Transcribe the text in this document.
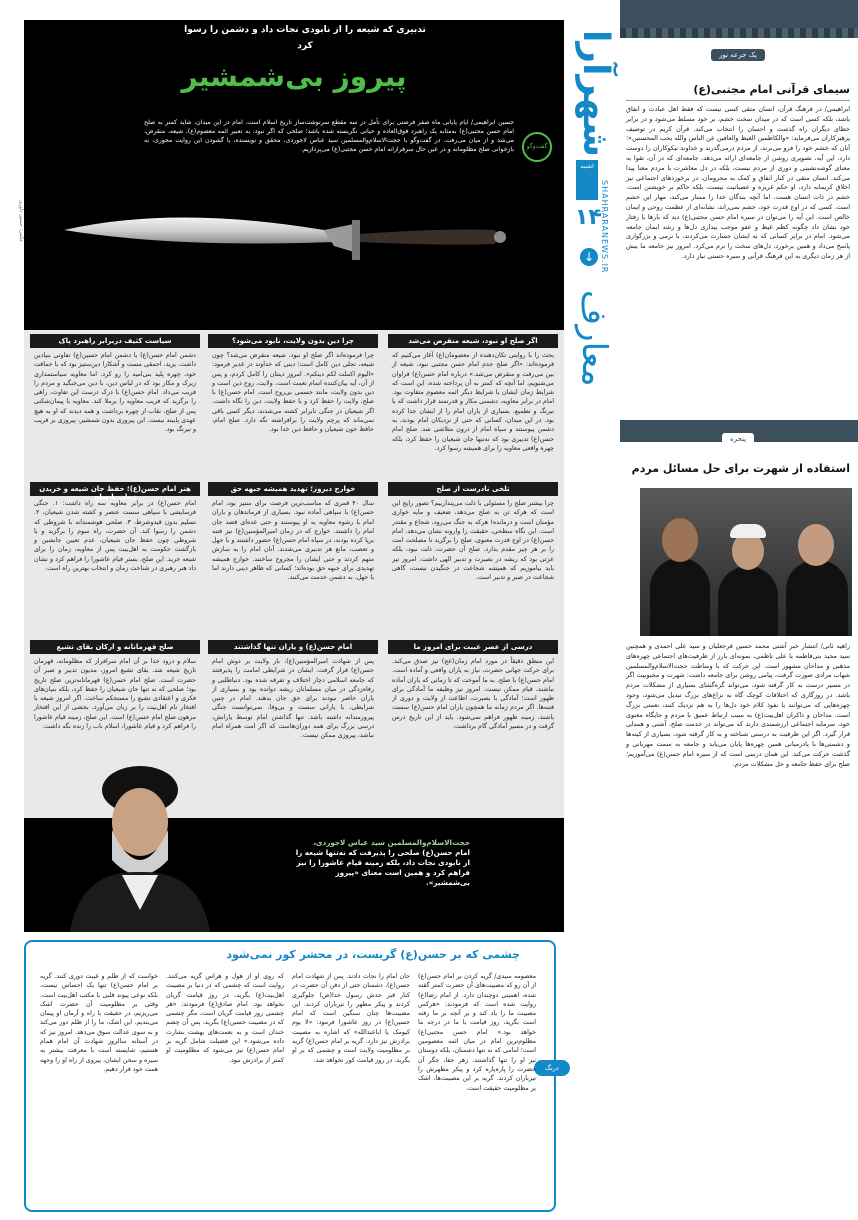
یک جرعه نور
سیمای قرآنی امام مجتبی(ع)
ابراهیمی/ در فرهنگ قرآن، انسان متقی کسی نیست که فقط اهل عبادت و انفاق باشد، بلکه کسی است که در میدان سخت خشم، بر خود مسلط می‌شود و در برابر خطای دیگران راه گذشت و احسان را انتخاب می‌کند. قرآن کریم در توصیف پرهیزکاران می‌فرماید: «والکاظمین الغیظ والعافین عن الناس والله یحب المحسنین»؛ آنان که خشم خود را فرو می‌برند، از مردم درمی‌گذرند و خداوند نیکوکاران را دوست دارد. این آیه، تصویری روشن از جامعه‌ای ارائه می‌دهد، جامعه‌ای که در آن، تقوا به معنای گوشه‌نشینی و دوری از مردم نیست، بلکه در دل معاشرت با مردم معنا پیدا می‌کند. انسان متقی در کنار انفاق و کمک به محرومان، در برخوردهای اجتماعی نیز اخلاق کریمانه دارد، او حکم غریزه و عصبانیت نیست، بلکه حاکم بر خویشتن است. خشم در ذات انسان هست، اما آنچه بندگان خدا را ممتاز می‌کند، مهار این خشم است. کسی که در اوج قدرت خود، خشم نمی‌راند، نشانه‌ای از عظمت روحی و ایمان خالص است. ابن آیه را می‌توان در سیره امام حسن مجتبی(ع) دید که بارها با رفتار خود نشان داد چگونه کظم غیظ و عفو موجب بیداری دل‌ها و رشد ایمان جامعه می‌شود. امام در برابر کسانی که به ایشان جسارت می‌کردند، با نرمی و بزرگواری پاسخ می‌داد و همین برخورد، دل‌های سخت را نرم می‌کرد. امروز نیز جامعه ما بیش از هر زمان دیگری به این فرهنگ قرآنی و سیره حسنی نیاز دارد.
پنجره
استفاده از شهرت برای حل مسائل مردم
راهیه ثانی/ انتشار خبر آشتی محمد حسین فرجعلیان و سید علی احمدی و همچنین سید مجید بنی‌فاطمه با علی ناظمی، نمونه‌ای بارز از ظرفیت‌های اجتماعی چهره‌های مذهبی و مداحان مشهور است. این حرکت که با وساطت حجت‌الاسلام‌والمسلمین شهاب مرادی صورت گرفت، پیامی روشن برای جامعه داشت: شهرت و محبوبیت اگر در مسیر درست به کار گرفته شود، می‌تواند گره‌گشای بسیاری از مشکلات مردم باشد. در روزگاری که اختلافات کوچک گاه به نزاع‌های بزرگ تبدیل می‌شود، وجود چهره‌هایی که می‌توانند با نفوذ کلام خود دل‌ها را به هم نزدیک کنند، نعمتی بزرگ است. مداحان و ذاکران اهل‌بیت(ع) به سبب ارتباط عمیق با مردم و جایگاه معنوی خود، سرمایه اجتماعی ارزشمندی دارند که می‌تواند در خدمت صلح، آشتی و همدلی قرار گیرد. اگر این ظرفیت به درستی شناخته و به کار گرفته شود، بسیاری از کینه‌ها و دشمنی‌ها با پادرمیانی همین چهره‌ها پایان می‌یابد و جامعه به سمت مهربانی و گذشت حرکت می‌کند. این همان درسی است که از سیره امام حسن(ع) می‌آموزیم؛ صلح برای حفظ جامعه و حل مشکلات مردم.
شهرآرا
اشنبه
SHAHRARANEWS.IR
۱۴
↓
معارف
عکس: حسین داوری
پیروز بی‌شمشیر
حسین ابراهیمی/ ایام پایانی ماه صفر فرصتی برای تأمل در سه مقطع سرنوشت‌ساز تاریخ اسلام است. امام در این میدان، شاید کمتر به صلح امام حسن مجتبی(ع) به‌مثابه یک راهبرد فوق‌العاده و حیاتی نگریسته شده باشد؛ صلحی که اگر نبود، به تعبیر ائمه معصوم(ع)، شیعه، منقرض، می‌شد و از میان می‌رفت. در گفت‌وگو با حجت‌الاسلام‌والمسلمین سید عباس لاجوردی، محقق و نویسنده، با گشودن این روایت محوری، به بازخوانی صلح مظلومانه و در عین حال سرفرازانه امام حسن مجتبی(ع) می‌پردازیم.	گفت‌وگو
تدبیری که شیعه را از نابودی نجات داد و دشمن را رسوا کرد
اگر صلح او نبود، شیعه منقرض می‌شد
بحث را با روایتی تکان‌دهنده از معصومان(ع) آغاز می‌کنیم که فرموده‌اند: «اگر صلح جدم امام حسن مجتبی نبود، شیعه از بین می‌رفت و منقرض می‌شد.» درباره امام حسن(ع) فراوان می‌شنویم، اما آنچه که کمتر به آن پرداخته شده، این است که شرایط زمان ایشان با شرایط دیگر ائمه معصوم متفاوت بود. امام در برابر معاویه، دشمنی مکار و قدرتمند قرار داشت که با نیرنگ و تطمیع، بسیاری از یاران امام را از ایشان جدا کرده بود. در این میدان، کسانی که حتی از نزدیکان امام بودند، به دشمن پیوستند و سپاه امام از درون متلاشی شد. صلح امام حسن(ع) تدبیری بود که نه‌تنها جان شیعیان را حفظ کرد، بلکه چهره واقعی معاویه را برای همیشه رسوا کرد.
چرا دین بدون ولایت، نابود می‌شود؟
چرا فرموده‌اند اگر صلح او نبود، شیعه منقرض می‌شد؟ چون شیعه، تجلی دین کامل است؛ دینی که خداوند در غدیر فرمود: «الیوم اکملت لکم دینکم». امروز دینتان را کامل کردم، و پس از آن، آیه بیان‌کننده اتمام نعمت است. ولایت، روح دین است و دین بدون ولایت، مانند جسمی بی‌روح است. امام حسن(ع) با صلح، ولایت را حفظ کرد و با حفظ ولایت، دین را نگاه داشت. اگر شیعیان در جنگی نابرابر کشته می‌شدند، دیگر کسی باقی نمی‌ماند که پرچم ولایت را برافراشته نگه دارد. صلح امام، حافظ خون شیعیان و حافظ دین خدا بود.
سیاست کثیف دربرابر راهبرد پاک
دشمن امام حسن(ع) با دشمن امام حسین(ع) تفاوتی بنیادین داشت. یزید، احمقی مست و آشکارا دین‌ستیز بود که با حماقت خود، چهره پلید بنی‌امیه را رو کرد. اما معاویه سیاستمداری زیرک و مکار بود که در لباس دین، با دین می‌جنگید و مردم را فریب می‌داد. امام حسن(ع) با درک درست این تفاوت، راهی را برگزید که فریب معاویه را برملا کند. معاویه با پیمان‌شکنی پس از صلح، نقاب از چهره برداشت و همه دیدند که او به هیچ عهدی پایبند نیست. این پیروزی بدون شمشیر، پیروزی بر فریب و نیرنگ بود.
تلخی نادرست از صلح
چرا بیشتر صلح را مسئولی با ذلت می‌پندارییم؟ تصور رایج این است که هرکه تن به صلح می‌دهد، ضعیف و مایه خواری مؤمنان است و درمانده! هرکه به جنگ می‌رود، شجاع و مقتدر است. این نگاه سطحی، حقیقت را وارونه نشان می‌دهد. امام حسن(ع) در اوج قدرت معنوی، صلح را برگزید تا مصلحت امت را بر هر چیز مقدم بدارد. صلح آن حضرت، ذلت نبود، بلکه عزتی بود که ریشه در بصیرت و تدبیر الهی داشت. امروز نیز باید بیاموزیم که همیشه شجاعت در جنگیدن نیست، گاهی شجاعت در صبر و تدبیر است.
خوارج دیروز؛ تهدید همیشه جبهه حق
سال ۴۰ قمری که مناسب‌ترین فرصت برای ستیز بود، امام حسن(ع) با سپاهی آماده نبود. بسیاری از فرماندهان و یاران امام با رشوه معاویه به او پیوستند و حتی عده‌ای قصد جان امام را داشتند. خوارج که در زمان امیرالمؤمنین(ع) نیز فتنه برپا کرده بودند، در سپاه امام حسن(ع) حضور داشتند و با جهل و تعصب، مانع هر تدبیری می‌شدند. آنان امام را به سازش متهم کردند و حتی ایشان را مجروح ساختند. خوارج همیشه تهدیدی برای جبهه حق بوده‌اند؛ کسانی که ظاهر دینی دارند اما با جهل، به دشمن خدمت می‌کنند.
هنر امام حسن(ع)؛ حفظ جان شیعه و خریدن زمان با صلح
امام حسن(ع) در برابر معاویه سه راه داشت: ۱. جنگی فرسایشی با سپاهی سست عنصر و کشته شدن شیعیان، ۲. تسلیم بدون قیدوشرط، ۳. صلحی هوشمندانه با شروطی که دشمن را رسوا کند. آن حضرت، راه سوم را برگزید و با شروطی چون حفظ جان شیعیان، عدم تعیین جانشین و بازگشت حکومت به اهل‌بیت پس از معاویه، زمان را برای شیعه خرید. این صلح، بستر قیام عاشورا را فراهم کرد و نشان داد هنر رهبری در شناخت زمان و انتخاب بهترین راه است.
امام حسن(ع) و یاران تنها گذاشتند
پس از شهادت امیرالمؤمنین(ع)، بار ولایت بر دوش امام حسن(ع) قرار گرفت. ایشان در شرایطی امامت را پذیرفتند که جامعه اسلامی دچار اختلاف و تفرقه شده بود. دنیاطلبی و رفاه‌زدگی در میان مسلمانان ریشه دوانده بود و بسیاری از یاران حاضر نبودند برای حق جان بدهند. امام در چنین شرایطی، با یارانی سست و بی‌وفا، نمی‌توانست جنگی پیروزمندانه داشته باشد. تنها گذاشتن امام توسط یارانش، درسی بزرگ برای همه دوران‌هاست که اگر امت همراه امام نباشد، پیروزی ممکن نیست.
درسی از عصر غیبت برای امروز ما
این منطق دقیقاً در مورد امام زمان(عج) نیز صدق می‌کند. برای حرکت جهانی حضرت، نیاز به یاران واقعی و آماده است. امام حسن(ع) با صلح، به ما آموخت که تا زمانی که یاران آماده نباشند، قیام ممکن نیست. امروز نیز وظیفه ما آمادگی برای ظهور است؛ آمادگی با بصیرت، اطاعت از ولایت و دوری از فتنه‌ها. اگر مردم زمانه ما همچون یاران امام حسن(ع) سست باشند، زمینه ظهور فراهم نمی‌شود. باید از این تاریخ درس گرفت و در مسیر آمادگی گام برداشت.
صلح قهرمانانه و ارکان بقای تشیع
سلام و درود خدا بر آن امام سرافراز که مظلومانه، قهرمان تاریخ شیعه شد. بقای تشیع امروز، مدیون تدبیر و صبر آن حضرت است. صلح امام حسن(ع) قهرمانانه‌ترین صلح تاریخ بود؛ صلحی که نه تنها جان شیعیان را حفظ کرد، بلکه بنیان‌های فکری و اعتقادی تشیع را مستحکم ساخت. اگر امروز شیعه با افتخار نام اهل‌بیت را بر زبان می‌آورد، بخشی از این افتخار مرهون صلح امام حسن(ع) است. این صلح، زمینه قیام عاشورا را فراهم کرد و قیام عاشورا، اسلام ناب را زنده نگه داشت.
حجت‌الاسلام‌والمسلمین سید عباس لاجوردی،
امام حسن(ع) صلحی را پذیرفت که نه‌تنها شیعه را از نابودی نجات داد، بلکه زمینه قیام عاشورا را نیز فراهم کرد و همین است معنای «پیروز بی‌شمشیر».
چشمی که بر حسن(ع) گریست، در محشر کور نمی‌شود
درنگ
معصومه سیدی/ گریه کردن بر امام حسن(ع) از آن رو که مصیبت‌های آن حضرت کمتر گفته شده، اهمیتی دوچندان دارد. از امام رضا(ع) روایت شده است که فرمودند: «هرکس مصیبت ما را یاد کند و بر آنچه بر ما رفته است بگرید، روز قیامت با ما در درجه ما خواهد بود.» امام حسن مجتبی(ع) مظلوم‌ترین امام در میان ائمه معصومین است؛ امامی که نه تنها دشمنان، بلکه دوستان نیز او را تنها گذاشتند. زهر جفا، جگر آن حضرت را پاره‌پاره کرد و پیکر مطهرش را تیرباران کردند. گریه بر این مصیبت‌ها، اشک بر مظلومیت حقیقت است.
جان امام را نجات دادند. پس از شهادت امام حسن(ع)، دشمنان حتی از دفن آن حضرت در کنار قبر جدش رسول خدا(ص) جلوگیری کردند و پیکر مطهر را تیرباران کردند. این مصیبت‌ها چنان سنگین است که امام حسین(ع) در روز عاشورا فرمود: «لا یوم کیومک یا اباعبدالله» که اشاره به مصیبت برادرش نیز دارد. گریه بر امام حسن(ع) گریه بر مظلومیت ولایت است و چشمی که بر او بگرید، در روز قیامت کور نخواهد شد.
که روی او از هول و هراس گریه می‌کنند. روایت است که چشمی که در دنیا بر مصیبت اهل‌بیت(ع) بگرید، در روز قیامت گریان نخواهد بود. امام صادق(ع) فرمودند: «هر چشمی روز قیامت گریان است، مگر چشمی که در مصیبت حسین(ع) بگرید، پس آن چشم خندان است و به نعمت‌های بهشت بشارت داده می‌شود.» این فضیلت شامل گریه بر امام حسن(ع) نیز می‌شود که مظلومیت او کمتر از برادرش نبود.
خواست که از ظلم و غیبت دوری کنند. گریه بر امام حسن(ع) تنها یک احساس نیست، بلکه نوعی پیوند قلبی با مکتب اهل‌بیت است. وقتی بر مظلومیت آن حضرت اشک می‌ریزیم، در حقیقت با راه و آرمان او پیمان می‌بندیم. این اشک، ما را از ظلم دور می‌کند و به سوی عدالت سوق می‌دهد. امروز نیز که در آستانه سالروز شهادت آن امام همام هستیم، شایسته است با معرفت بیشتر به سیره و سخن ایشان، پیروی از راه او را وجهه همت خود قرار دهیم.
